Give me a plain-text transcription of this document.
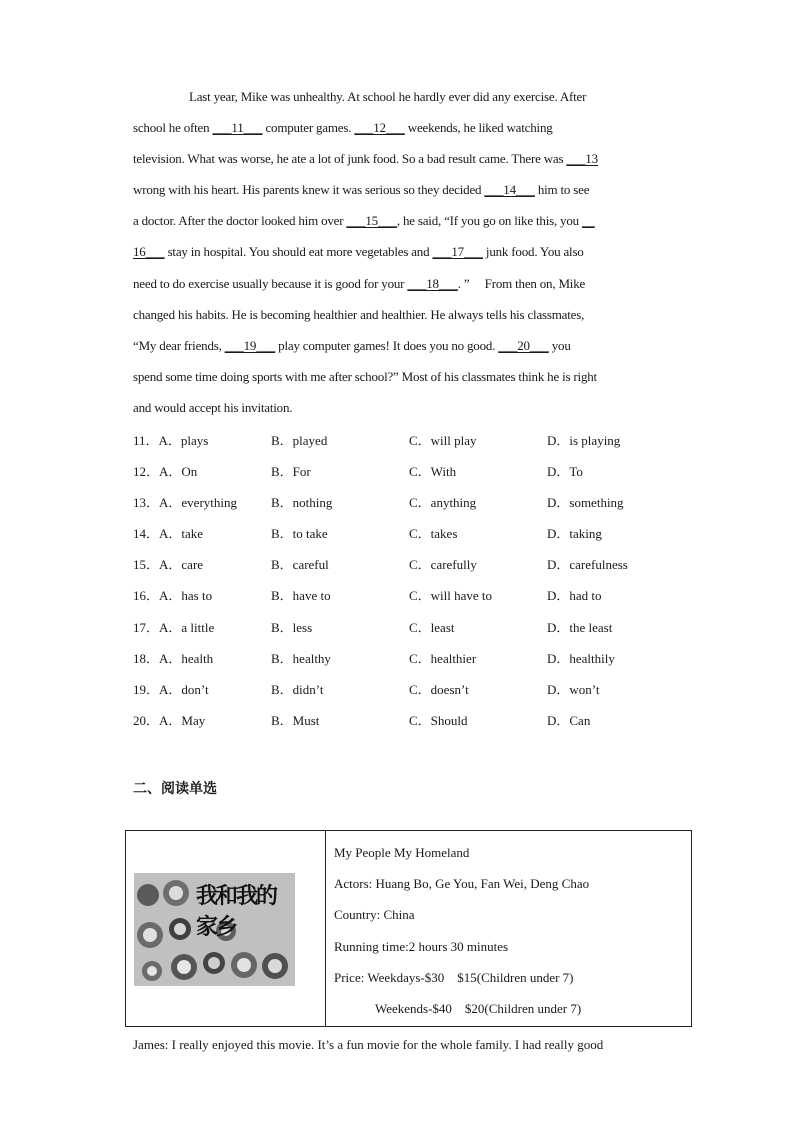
Last year, Mike was unhealthy. At school he hardly ever did any exercise. After
school he often ___11___ computer games. ___12___ weekends, he liked watching
television. What was worse, he ate a lot of junk food. So a bad result came. There was ___13
wrong with his heart. His parents knew it was serious so they decided ___14___ him to see
a doctor. After the doctor looked him over ___15___, he said, “If you go on like this, you __
16___ stay in hospital. You should eat more vegetables and ___17___ junk food. You also
need to do exercise usually because it is good for your ___18___. ”     From then on, Mike
changed his habits. He is becoming healthier and healthier. He always tells his classmates,
“My dear friends, ___19___ play computer games! It does you no good. ___20___ you
spend some time doing sports with me after school?” Most of his classmates think he is right
and would accept his invitation.
11．A．plays	B．played	C．will play	D．is playing
12．A．On	B．For	C．With	D．To
13．A．everything	B．nothing	C．anything	D．something
14．A．take	B．to take	C．takes	D．taking
15．A．care	B．careful	C．carefully	D．carefulness
16．A．has to	B．have to	C．will have to	D．had to
17．A．a little	B．less	C．least	D．the least
18．A．health	B．healthy	C．healthier	D．healthily
19．A．don’t	B．didn’t	C．doesn’t	D．won’t
20．A．May	B．Must	C．Should	D．Can
二、阅读单选
我和我的家乡
My People My Homeland
Actors: Huang Bo, Ge You, Fan Wei, Deng Chao
Country: China
Running time:2 hours 30 minutes
Price: Weekdays-$30    $15(Children under 7)
Weekends-$40    $20(Children under 7)
James: I really enjoyed this movie. It’s a fun movie for the whole family. I had really good
